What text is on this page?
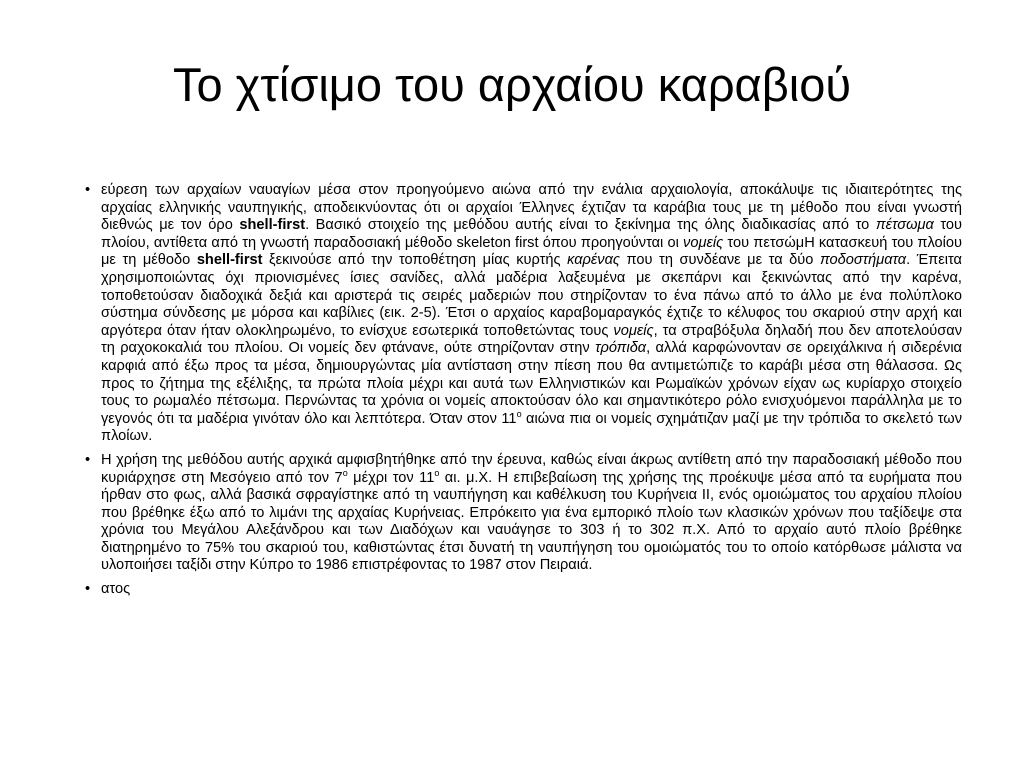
Το χτίσιμο του αρχαίου καραβιού
• εύρεση των αρχαίων ναυαγίων μέσα στον προηγούμενο αιώνα από την ενάλια αρχαιολογία, αποκάλυψε τις ιδιαιτερότητες της αρχαίας ελληνικής ναυπηγικής, αποδεικνύοντας ότι οι αρχαίοι Έλληνες έχτιζαν τα καράβια τους με τη μέθοδο που είναι γνωστή διεθνώς με τον όρο shell-first. Βασικό στοιχείο της μεθόδου αυτής είναι το ξεκίνημα της όλης διαδικασίας από το πέτσωμα του πλοίου, αντίθετα από τη γνωστή παραδοσιακή μέθοδο skeleton first όπου προηγούνται οι νομείς του πετσώμΗ κατασκευή του πλοίου με τη μέθοδο shell-first ξεκινούσε από την τοποθέτηση μίας κυρτής καρένας που τη συνδέανε με τα δύο ποδοστήματα. Έπειτα χρησιμοποιώντας όχι πριονισμένες ίσιες σανίδες, αλλά μαδέρια λαξευμένα με σκεπάρνι και ξεκινώντας από την καρένα, τοποθετούσαν διαδοχικά δεξιά και αριστερά τις σειρές μαδεριών που στηρίζονταν το ένα πάνω από το άλλο με ένα πολύπλοκο σύστημα σύνδεσης με μόρσα και καβίλιες (εικ. 2-5). Έτσι ο αρχαίος καραβομαραγκός έχτιζε το κέλυφος του σκαριού στην αρχή και αργότερα όταν ήταν ολοκληρωμένο, το ενίσχυε εσωτερικά τοποθετώντας τους νομείς, τα στραβόξυλα δηλαδή που δεν αποτελούσαν τη ραχοκοκαλιά του πλοίου. Οι νομείς δεν φτάνανε, ούτε στηρίζονταν στην τρόπιδα, αλλά καρφώνονταν σε ορειχάλκινα ή σιδερένια καρφιά από έξω προς τα μέσα, δημιουργώντας μία αντίσταση στην πίεση που θα αντιμετώπιζε το καράβι μέσα στη θάλασσα. Ως προς το ζήτημα της εξέλιξης, τα πρώτα πλοία μέχρι και αυτά των Ελληνιστικών και Ρωμαϊκών χρόνων είχαν ως κυρίαρχο στοιχείο τους το ρωμαλέο πέτσωμα. Περνώντας τα χρόνια οι νομείς αποκτούσαν όλο και σημαντικότερο ρόλο ενισχυόμενοι παράλληλα με το γεγονός ότι τα μαδέρια γινόταν όλο και λεπτότερα. Όταν στον $11^o$ αιώνα πια οι νομείς σχημάτιζαν μαζί με την τρόπιδα το σκελετό των πλοίων.
• Η χρήση της μεθόδου αυτής αρχικά αμφισβητήθηκε από την έρευνα, καθώς είναι άκρως αντίθετη από την παραδοσιακή μέθοδο που κυριάρχησε στη Μεσόγειο από τον $7^o$ μέχρι τον $11^o$ αι. μ.Χ. Η επιβεβαίωση της χρήσης της προέκυψε μέσα από τα ευρήματα που ήρθαν στο φως, αλλά βασικά σφραγίστηκε από τη ναυπήγηση και καθέλκυση του Κυρήνεια ΙΙ, ενός ομοιώματος του αρχαίου πλοίου που βρέθηκε έξω από το λιμάνι της αρχαίας Κυρήνειας. Επρόκειτο για ένα εμπορικό πλοίο των κλασικών χρόνων που ταξίδεψε στα χρόνια του Μεγάλου Αλεξάνδρου και των Διαδόχων και ναυάγησε το 303 ή το 302 π.Χ. Από το αρχαίο αυτό πλοίο βρέθηκε διατηρημένο το 75% του σκαριού του, καθιστώντας έτσι δυνατή τη ναυπήγηση του ομοιώματός του το οποίο κατόρθωσε μάλιστα να υλοποιήσει ταξίδι στην Κύπρο το 1986 επιστρέφοντας το 1987 στον Πειραιά.
• ατος
